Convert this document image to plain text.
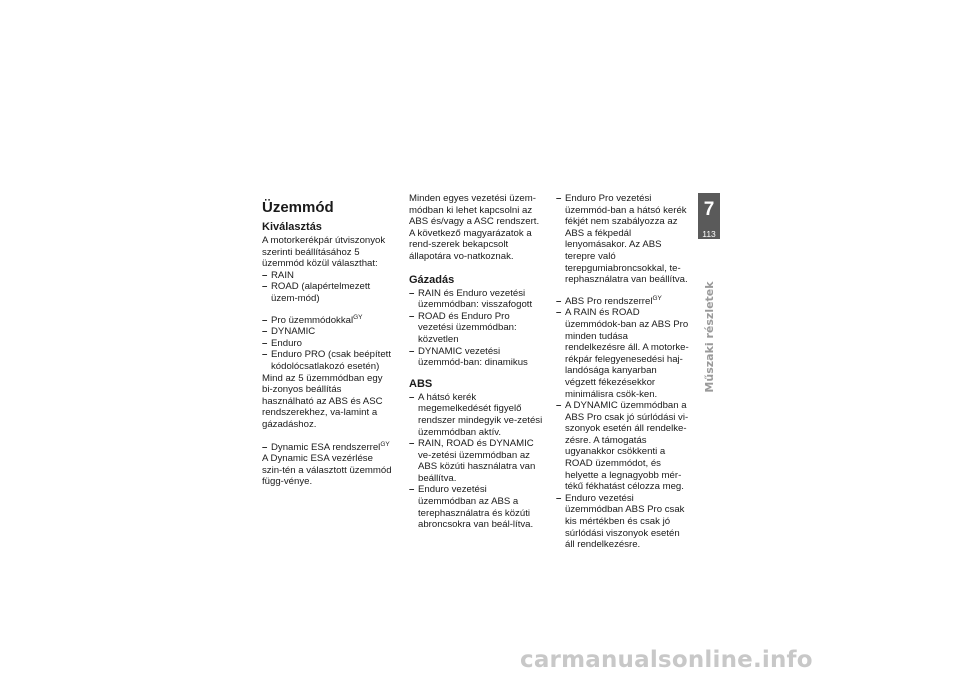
Üzemmód
Kiválasztás

A motorkerékpár útviszonyok szerinti beállításához 5 üzemmód közül választhat:

– RAIN
– ROAD (alapértelmezett üzem-mód)
– Pro üzemmódokkal$^{GY}$
– DYNAMIC
– Enduro
– Enduro PRO (csak beépített kódolócsatlakozó esetén)

Mind az 5 üzemmódban egy bi-zonyos beállítás használható az ABS és ASC rendszerekhez, va-lamint a gázadáshoz.

– Dynamic ESA rendszerrel$^{GY}$

A Dynamic ESA vezérlése szin-tén a választott üzemmód függ-vénye.

Minden egyes vezetési üzem-módban ki lehet kapcsolni az ABS és/vagy a ASC rendszert. A következő magyarázatok a rend-szerek bekapcsolt állapotára vo-natkoznak.

Gázadás
– RAIN és Enduro vezetési üzemmódban: visszafogott
– ROAD és Enduro Pro vezetési üzemmódban: közvetlen
– DYNAMIC vezetési üzemmód-ban: dinamikus
ABS
– A hátsó kerék megemelkedését figyelő rendszer mindegyik ve-zetési üzemmódban aktív.
– RAIN, ROAD és DYNAMIC ve-zetési üzemmódban az ABS közúti használatra van beállítva.
– Enduro vezetési üzemmódban az ABS a terephasználatra és közúti abroncsokra van beál-lítva.
– Enduro Pro vezetési üzemmód-ban a hátsó kerék fékjét nem szabályozza az ABS a fékpedál lenyomásakor. Az ABS terepre való terepgumiabroncsokkal, te-rephasználatra van beállítva.
– ABS Pro rendszerrel$^{GY}$
– A RAIN és ROAD üzemmódok-ban az ABS Pro minden tudása rendelkezésre áll. A motorke-rékpár felegyenesedési haj-landósága kanyarban végzett fékezésekkor minimálisra csök-ken.
– A DYNAMIC üzemmódban a ABS Pro csak jó súrlódási vi-szonyok esetén áll rendelke-zésre. A támogatás ugyanakkor csökkenti a ROAD üzemmódot, és helyette a legnagyobb mér-tékű fékhatást célozza meg.
– Enduro vezetési üzemmódban ABS Pro csak kis mértékben és csak jó súrlódási viszonyok esetén áll rendelkezésre.
7
113
Műszaki részletek
carmanualsonline.info
